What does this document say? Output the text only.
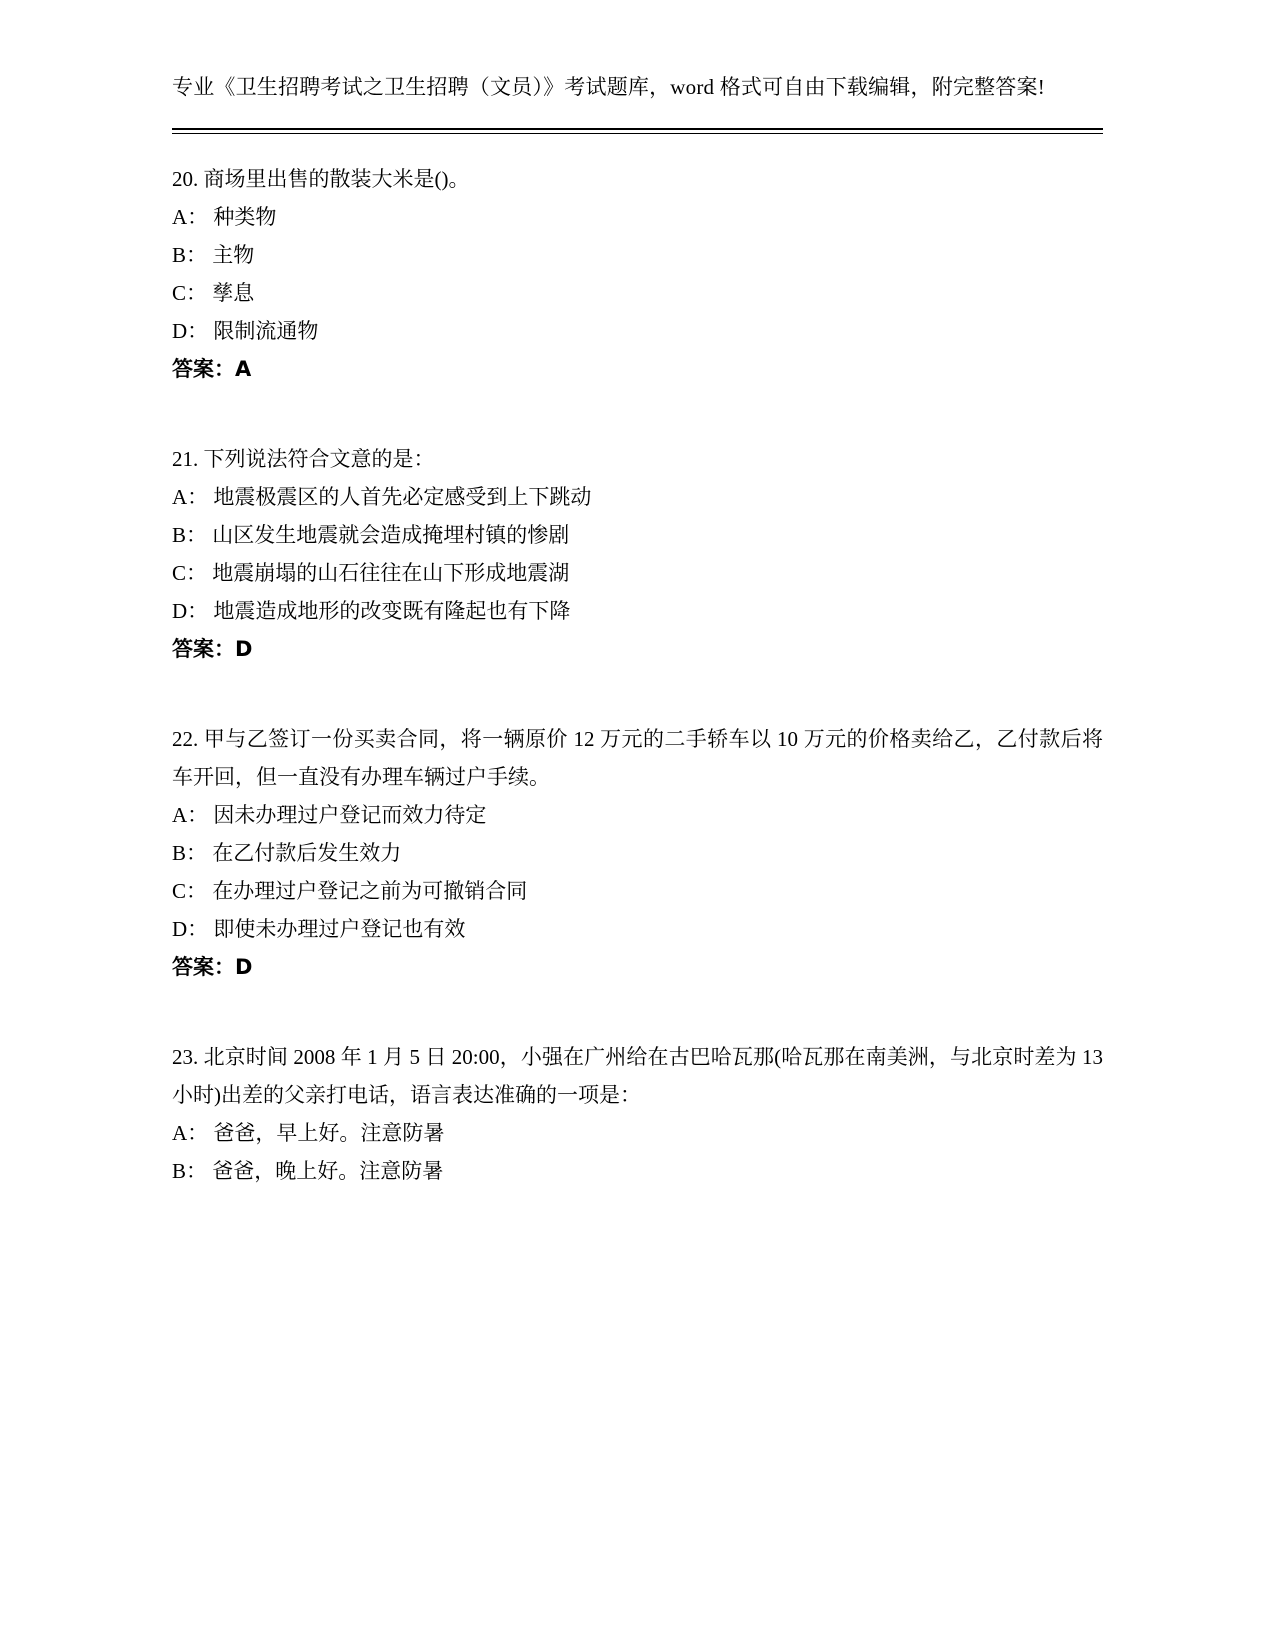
专业《卫生招聘考试之卫生招聘（文员）》考试题库，word 格式可自由下载编辑，附完整答案!

20. 商场里出售的散装大米是()。

A： 种类物

B： 主物

C： 孳息

D： 限制流通物

答案：A

21. 下列说法符合文意的是：

A： 地震极震区的人首先必定感受到上下跳动

B： 山区发生地震就会造成掩埋村镇的惨剧

C： 地震崩塌的山石往往在山下形成地震湖

D： 地震造成地形的改变既有隆起也有下降

答案：D

22. 甲与乙签订一份买卖合同，将一辆原价 12 万元的二手轿车以 10 万元的价格卖给乙，乙付款后将车开回，但一直没有办理车辆过户手续。

A： 因未办理过户登记而效力待定

B： 在乙付款后发生效力

C： 在办理过户登记之前为可撤销合同

D： 即使未办理过户登记也有效

答案：D

23. 北京时间 2008 年 1 月 5 日 20:00，小强在广州给在古巴哈瓦那(哈瓦那在南美洲，与北京时差为 13 小时)出差的父亲打电话，语言表达准确的一项是：

A： 爸爸，早上好。注意防暑

B： 爸爸，晚上好。注意防暑
